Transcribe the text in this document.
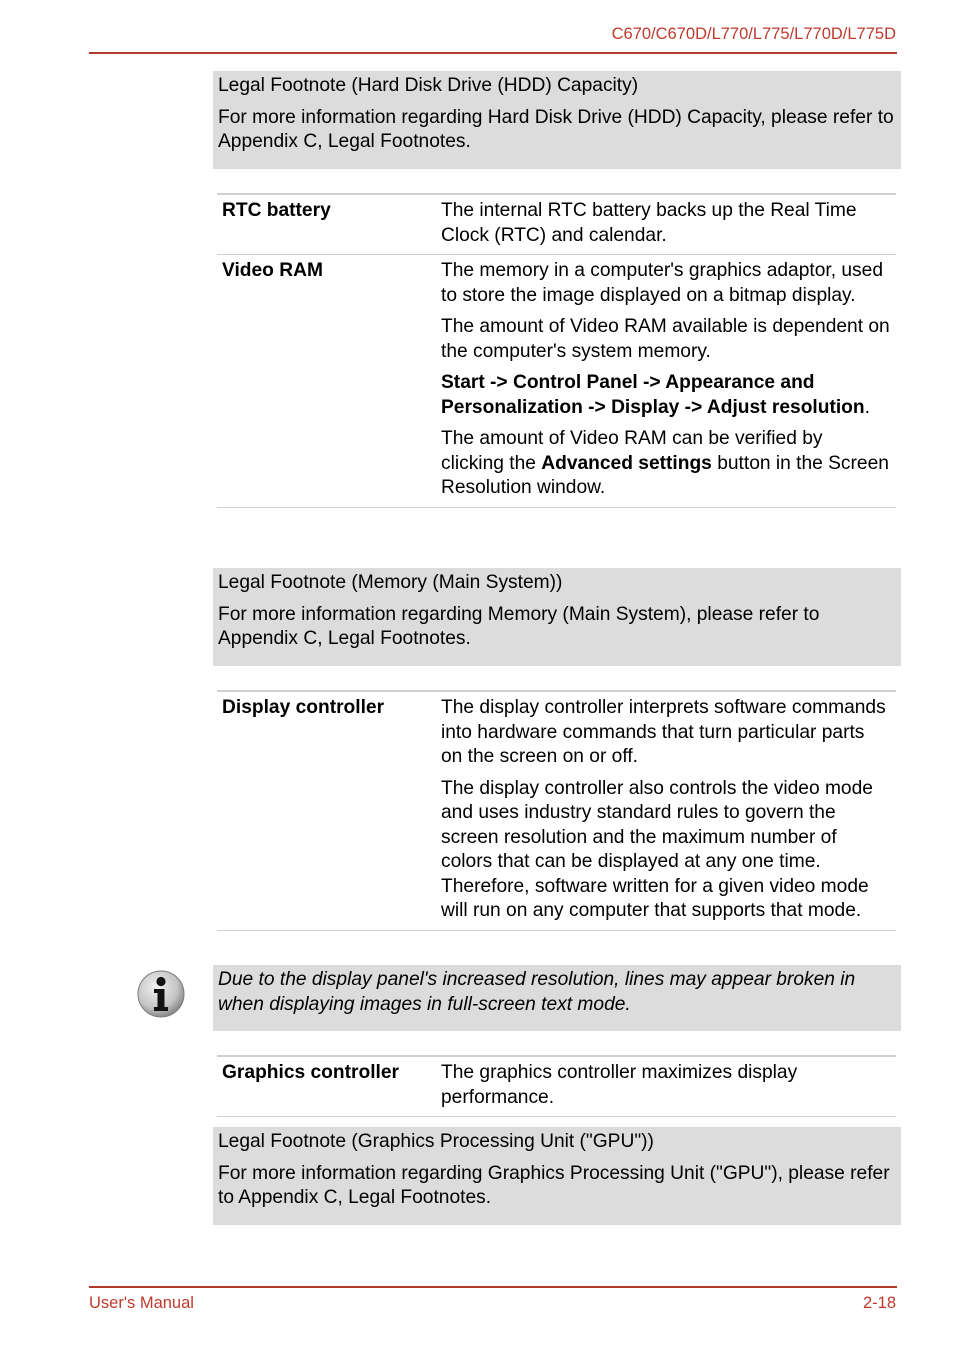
C670/C670D/L770/L775/L770D/L775D

Legal Footnote (Hard Disk Drive (HDD) Capacity)

For more information regarding Hard Disk Drive (HDD) Capacity, please refer to Appendix C, Legal Footnotes.

RTC battery	The internal RTC battery backs up the Real Time Clock (RTC) and calendar.

Video RAM	The memory in a computer's graphics adaptor, used to store the image displayed on a bitmap display.

The amount of Video RAM available is dependent on the computer's system memory.

Start -> Control Panel -> Appearance and Personalization -> Display -> Adjust resolution.

The amount of Video RAM can be verified by clicking the Advanced settings button in the Screen Resolution window.

Legal Footnote (Memory (Main System))

For more information regarding Memory (Main System), please refer to Appendix C, Legal Footnotes.

Display controller	The display controller interprets software commands into hardware commands that turn particular parts on the screen on or off.

The display controller also controls the video mode and uses industry standard rules to govern the screen resolution and the maximum number of colors that can be displayed at any one time. Therefore, software written for a given video mode will run on any computer that supports that mode.

Due to the display panel's increased resolution, lines may appear broken in when displaying images in full-screen text mode.
Graphics controller	The graphics controller maximizes display performance.

Legal Footnote (Graphics Processing Unit ("GPU"))

For more information regarding Graphics Processing Unit ("GPU"), please refer to Appendix C, Legal Footnotes.

User's Manual	2-18
